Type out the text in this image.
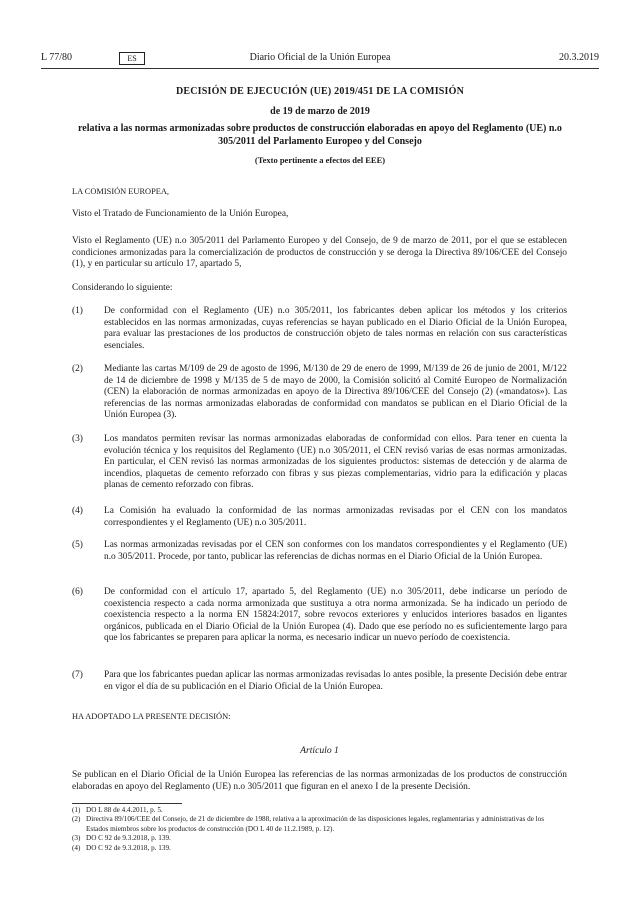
L 77/80	ES	Diario Oficial de la Unión Europea	20.3.2019
DECISIÓN DE EJECUCIÓN (UE) 2019/451 DE LA COMISIÓN
de 19 de marzo de 2019
relativa a las normas armonizadas sobre productos de construcción elaboradas en apoyo del Reglamento (UE) n.o 305/2011 del Parlamento Europeo y del Consejo
(Texto pertinente a efectos del EEE)
LA COMISIÓN EUROPEA,
Visto el Tratado de Funcionamiento de la Unión Europea,
Visto el Reglamento (UE) n.o 305/2011 del Parlamento Europeo y del Consejo, de 9 de marzo de 2011, por el que se establecen condiciones armonizadas para la comercialización de productos de construcción y se deroga la Directiva 89/106/CEE del Consejo (1), y en particular su artículo 17, apartado 5,
Considerando lo siguiente:
(1)	De conformidad con el Reglamento (UE) n.o 305/2011, los fabricantes deben aplicar los métodos y los criterios establecidos en las normas armonizadas, cuyas referencias se hayan publicado en el Diario Oficial de la Unión Europea, para evaluar las prestaciones de los productos de construcción objeto de tales normas en relación con sus características esenciales.
(2)	Mediante las cartas M/109 de 29 de agosto de 1996, M/130 de 29 de enero de 1999, M/139 de 26 de junio de 2001, M/122 de 14 de diciembre de 1998 y M/135 de 5 de mayo de 2000, la Comisión solicitó al Comité Europeo de Normalización (CEN) la elaboración de normas armonizadas en apoyo de la Directiva 89/106/CEE del Consejo (2) («mandatos»). Las referencias de las normas armonizadas elaboradas de conformidad con mandatos se publican en el Diario Oficial de la Unión Europea (3).
(3)	Los mandatos permiten revisar las normas armonizadas elaboradas de conformidad con ellos. Para tener en cuenta la evolución técnica y los requisitos del Reglamento (UE) n.o 305/2011, el CEN revisó varias de esas normas armonizadas. En particular, el CEN revisó las normas armonizadas de los siguientes productos: sistemas de detección y de alarma de incendios, plaquetas de cemento reforzado con fibras y sus piezas complementarias, vidrio para la edificación y placas planas de cemento reforzado con fibras.
(4)	La Comisión ha evaluado la conformidad de las normas armonizadas revisadas por el CEN con los mandatos correspondientes y el Reglamento (UE) n.o 305/2011.
(5)	Las normas armonizadas revisadas por el CEN son conformes con los mandatos correspondientes y el Reglamento (UE) n.o 305/2011. Procede, por tanto, publicar las referencias de dichas normas en el Diario Oficial de la Unión Europea.
(6)	De conformidad con el artículo 17, apartado 5, del Reglamento (UE) n.o 305/2011, debe indicarse un período de coexistencia respecto a cada norma armonizada que sustituya a otra norma armonizada. Se ha indicado un período de coexistencia respecto a la norma EN 15824:2017, sobre revocos exteriores y enlucidos interiores basados en ligantes orgánicos, publicada en el Diario Oficial de la Unión Europea (4). Dado que ese período no es suficientemente largo para que los fabricantes se preparen para aplicar la norma, es necesario indicar un nuevo período de coexistencia.
(7)	Para que los fabricantes puedan aplicar las normas armonizadas revisadas lo antes posible, la presente Decisión debe entrar en vigor el día de su publicación en el Diario Oficial de la Unión Europea.
HA ADOPTADO LA PRESENTE DECISIÓN:
Artículo 1
Se publican en el Diario Oficial de la Unión Europea las referencias de las normas armonizadas de los productos de construcción elaboradas en apoyo del Reglamento (UE) n.o 305/2011 que figuran en el anexo I de la presente Decisión.
(1) DO L 88 de 4.4.2011, p. 5.
(2) Directiva 89/106/CEE del Consejo, de 21 de diciembre de 1988, relativa a la aproximación de las disposiciones legales, reglamentarias y administrativas de los Estados miembros sobre los productos de construcción (DO L 40 de 11.2.1989, p. 12).
(3) DO C 92 de 9.3.2018, p. 139.
(4) DO C 92 de 9.3.2018, p. 139.
